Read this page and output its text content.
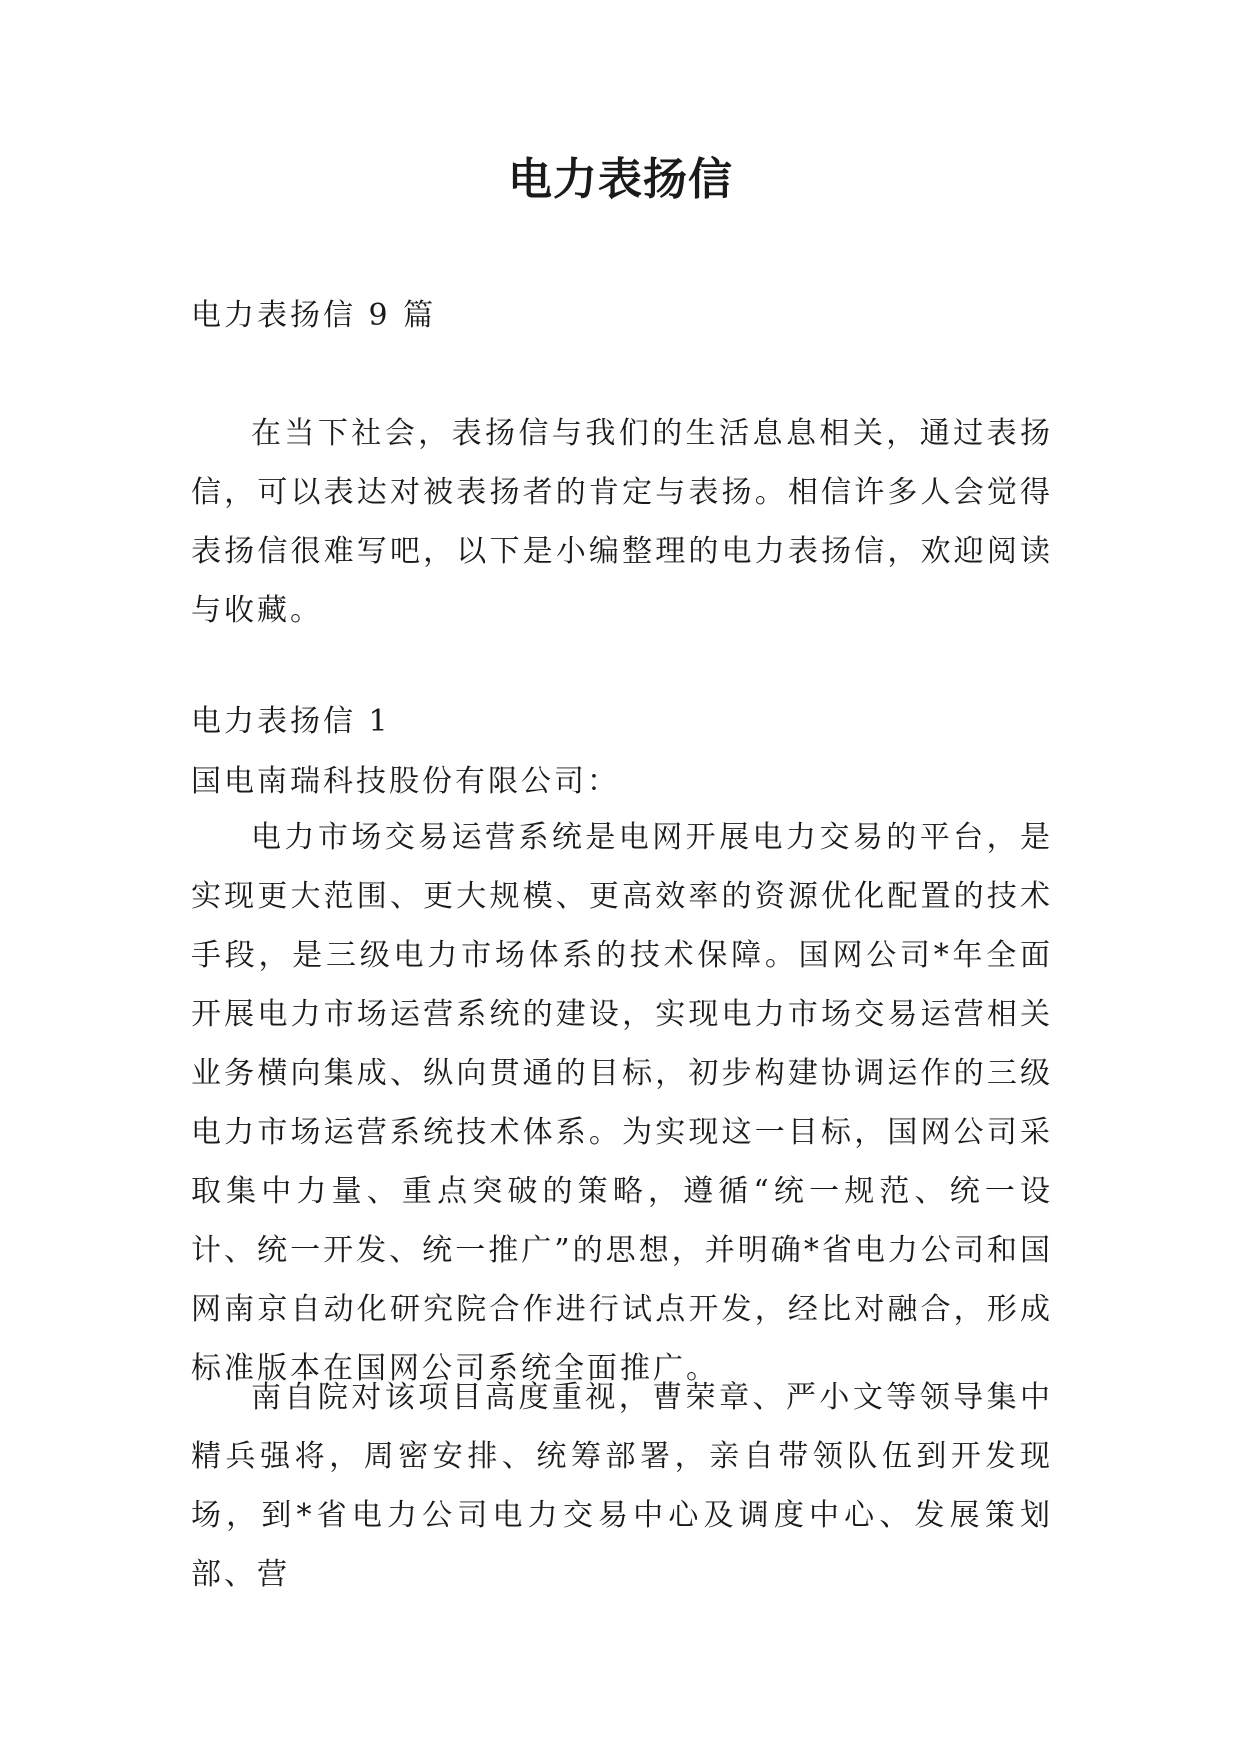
电力表扬信
电力表扬信 9 篇
在当下社会，表扬信与我们的生活息息相关，通过表扬信，可以表达对被表扬者的肯定与表扬。相信许多人会觉得表扬信很难写吧，以下是小编整理的电力表扬信，欢迎阅读与收藏。
电力表扬信 1
国电南瑞科技股份有限公司：
电力市场交易运营系统是电网开展电力交易的平台，是实现更大范围、更大规模、更高效率的资源优化配置的技术手段，是三级电力市场体系的技术保障。国网公司*年全面开展电力市场运营系统的建设，实现电力市场交易运营相关业务横向集成、纵向贯通的目标，初步构建协调运作的三级电力市场运营系统技术体系。为实现这一目标，国网公司采取集中力量、重点突破的策略，遵循“统一规范、统一设计、统一开发、统一推广”的思想，并明确*省电力公司和国网南京自动化研究院合作进行试点开发，经比对融合，形成标准版本在国网公司系统全面推广。
南自院对该项目高度重视，曹荣章、严小文等领导集中精兵强将，周密安排、统筹部署，亲自带领队伍到开发现场，到*省电力公司电力交易中心及调度中心、发展策划部、营
